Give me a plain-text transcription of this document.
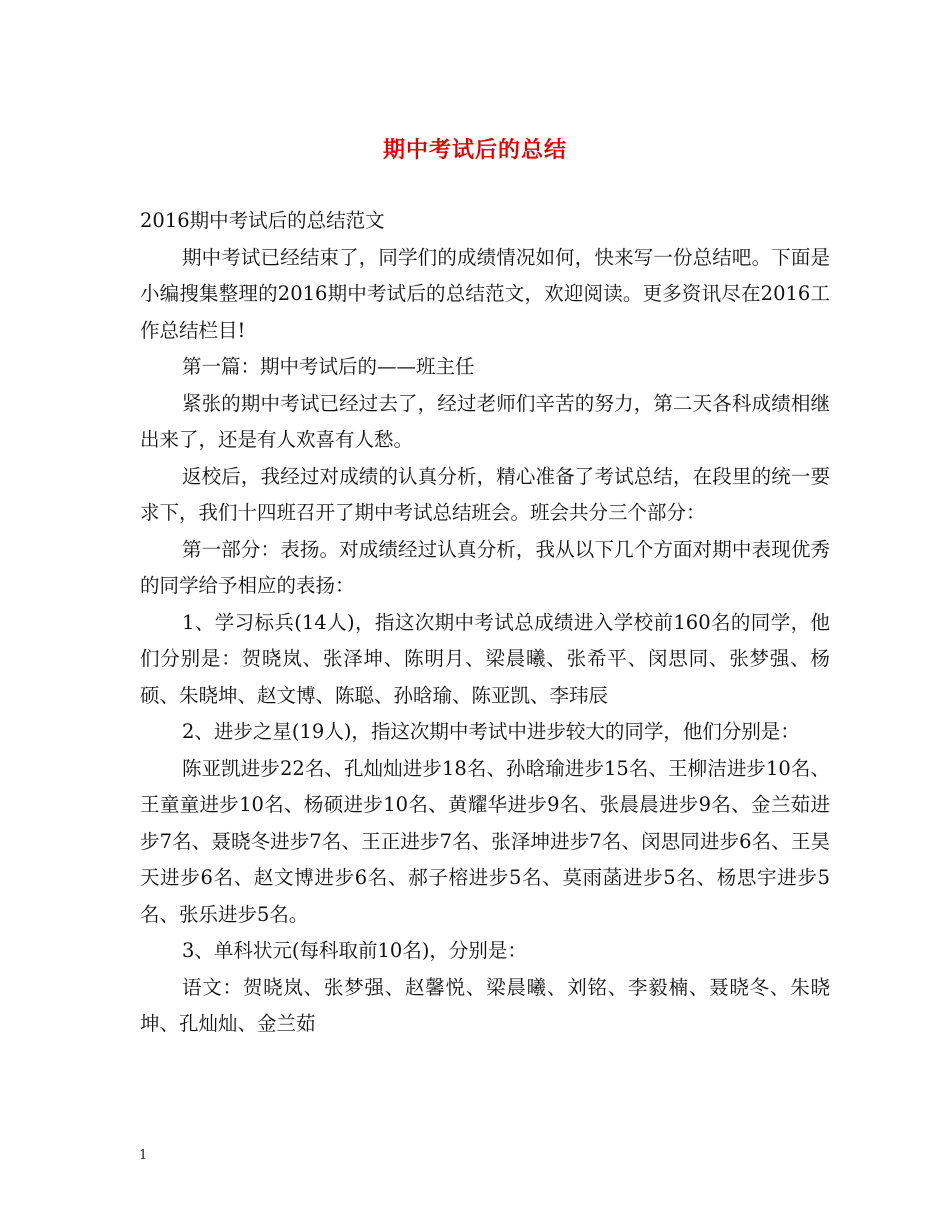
期中考试后的总结

2016期中考试后的总结范文

期中考试已经结束了，同学们的成绩情况如何，快来写一份总结吧。下面是小编搜集整理的2016期中考试后的总结范文，欢迎阅读。更多资讯尽在2016工作总结栏目!

第一篇：期中考试后的——班主任

紧张的期中考试已经过去了，经过老师们辛苦的努力，第二天各科成绩相继出来了，还是有人欢喜有人愁。

返校后，我经过对成绩的认真分析，精心准备了考试总结，在段里的统一要求下，我们十四班召开了期中考试总结班会。班会共分三个部分：

第一部分：表扬。对成绩经过认真分析，我从以下几个方面对期中表现优秀的同学给予相应的表扬：

1、学习标兵(14人)，指这次期中考试总成绩进入学校前160名的同学，他们分别是：贺晓岚、张泽坤、陈明月、梁晨曦、张希平、闵思同、张梦强、杨硕、朱晓坤、赵文博、陈聪、孙晗瑜、陈亚凯、李玮辰

2、进步之星(19人)，指这次期中考试中进步较大的同学，他们分别是：

陈亚凯进步22名、孔灿灿进步18名、孙晗瑜进步15名、王柳洁进步10名、王童童进步10名、杨硕进步10名、黄耀华进步9名、张晨晨进步9名、金兰茹进步7名、聂晓冬进步7名、王正进步7名、张泽坤进步7名、闵思同进步6名、王昊天进步6名、赵文博进步6名、郝子榕进步5名、莫雨菡进步5名、杨思宇进步5名、张乐进步5名。

3、单科状元(每科取前10名)，分别是：

语文：贺晓岚、张梦强、赵馨悦、梁晨曦、刘铭、李毅楠、聂晓冬、朱晓坤、孔灿灿、金兰茹

1
